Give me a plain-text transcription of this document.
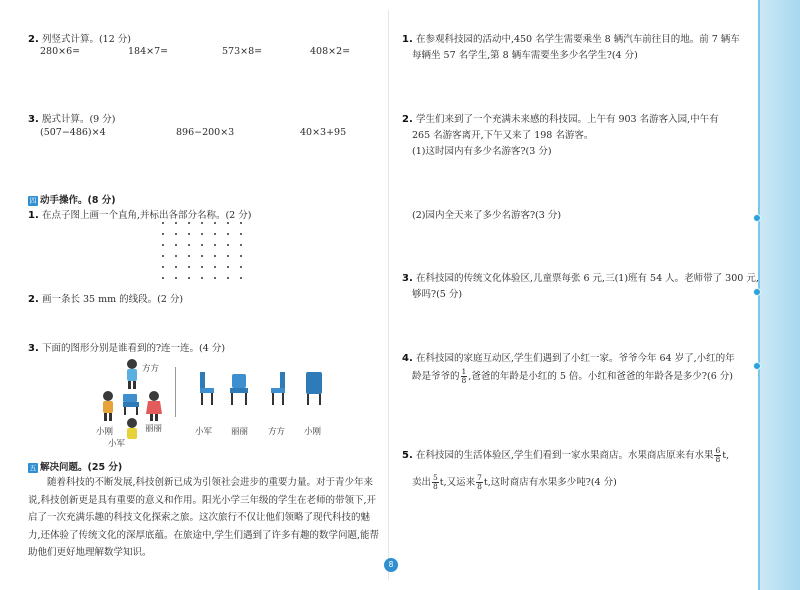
2. 列竖式计算。(12 分)
280×6=	184×7=	573×8=	408×2=
3. 脱式计算。(9 分)
(507−486)×4	896−200×3	40×3+95
四 动手操作。(8 分)
1. 在点子图上画一个直角,并标出各部分名称。(2 分)
2. 画一条长 35 mm 的线段。(2 分)
3. 下面的图形分别是谁看到的?连一连。(4 分)
方方
小刚	丽丽
小军
小军 丽丽 方方 小刚
五 解决问题。(25 分)
随着科技的不断发展,科技创新已成为引领社会进步的重要力量。对于青少年来说,科技创新更是具有重要的意义和作用。阳光小学三年级的学生在老师的带领下,开启了一次充满乐趣的科技文化探索之旅。这次旅行不仅让他们领略了现代科技的魅力,还体验了传统文化的深厚底蕴。在旅途中,学生们遇到了许多有趣的数学问题,能帮助他们更好地理解数学知识。
8
1. 在参观科技园的活动中,450 名学生需要乘坐 8 辆汽车前往目的地。前 7 辆车
每辆坐 57 名学生,第 8 辆车需要坐多少名学生?(4 分)
2. 学生们来到了一个充满未来感的科技园。上午有 903 名游客入园,中午有
265 名游客离开,下午又来了 198 名游客。
(1)这时园内有多少名游客?(3 分)
(2)园内全天来了多少名游客?(3 分)
3. 在科技园的传统文化体验区,儿童票每张 6 元,三(1)班有 54 人。老师带了 300 元,
够吗?(5 分)
4. 在科技园的家庭互动区,学生们遇到了小红一家。爷爷今年 64 岁了,小红的年
龄是爷爷的 $\frac{1}{8}$ ,爸爸的年龄是小红的 5 倍。小红和爸爸的年龄各是多少?(6 分)
5. 在科技园的生活体验区,学生们看到一家水果商店。水果商店原来有水果 $\frac{6}{8} t$,
卖出 $\frac{5}{8} t$,又运来 $\frac{7}{8} t$,这时商店有水果多少吨?(4 分)
